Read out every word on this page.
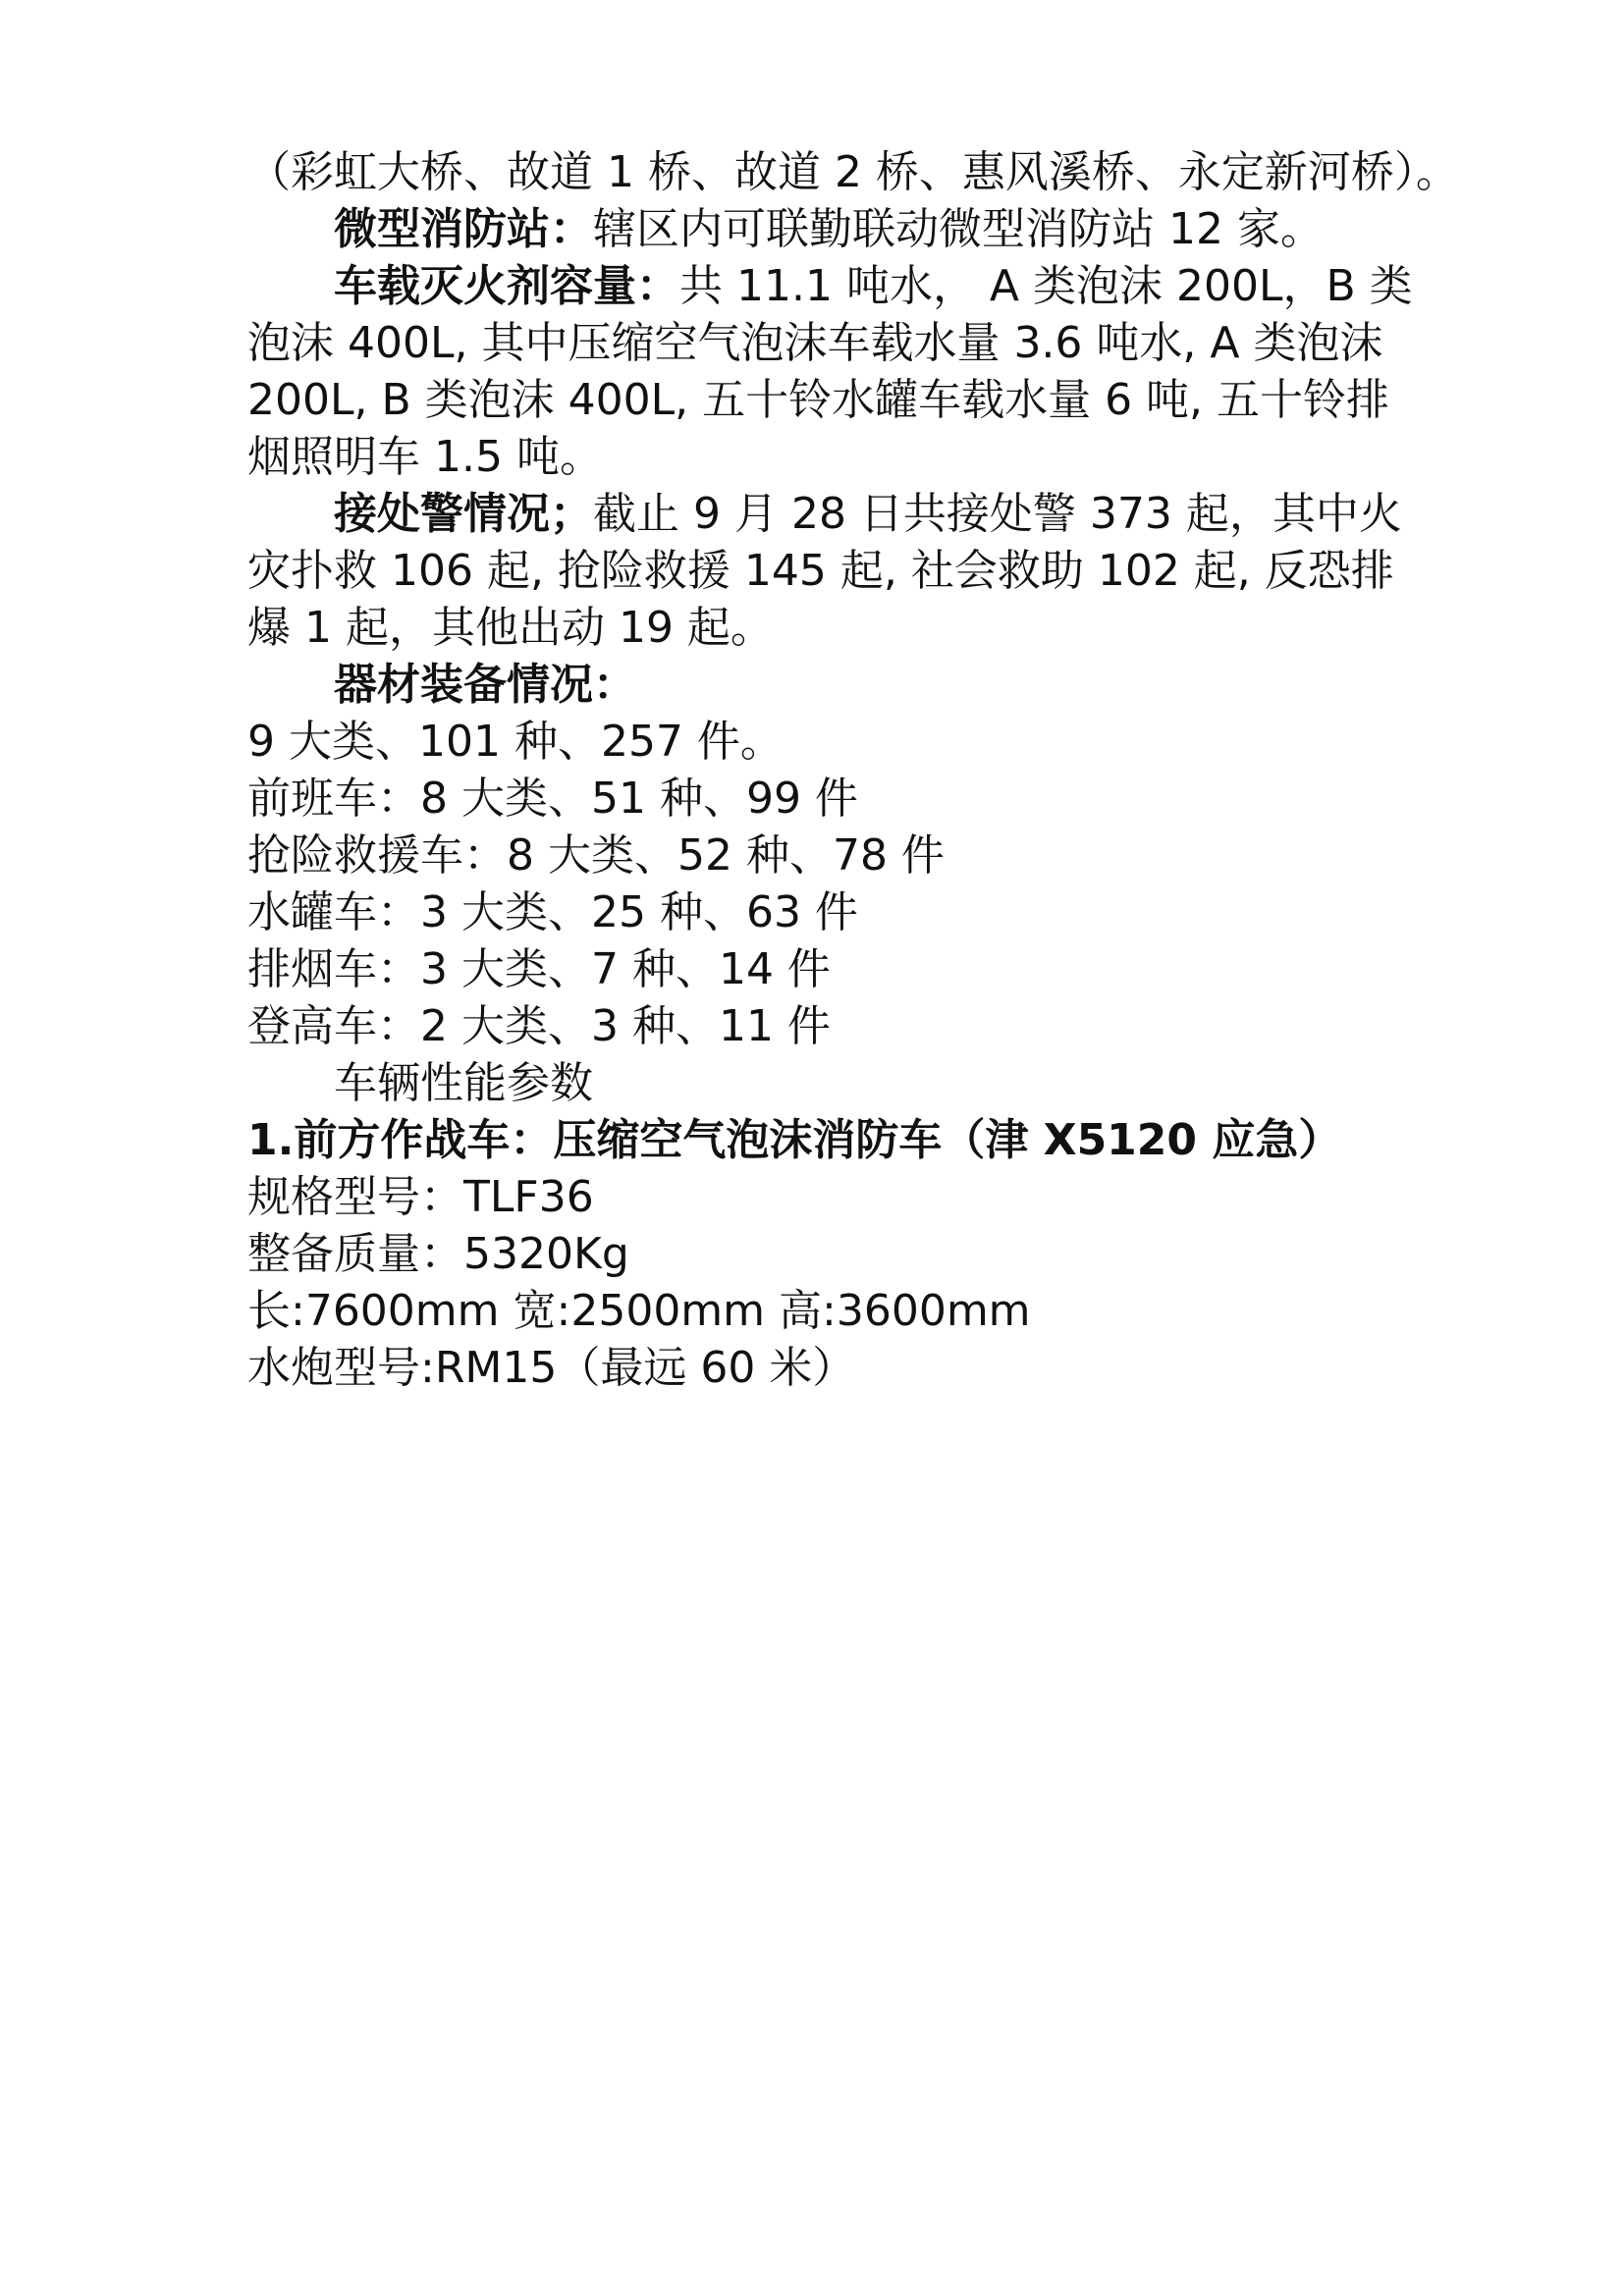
（彩虹大桥、故道 1 桥、故道 2 桥、惠风溪桥、永定新河桥）。
微型消防站：辖区内可联勤联动微型消防站 12 家。
车载灭火剂容量：共 11.1 吨水， A 类泡沫 200L，B 类
泡沫 400L, 其中压缩空气泡沫车载水量 3.6 吨水, A 类泡沫
200L, B 类泡沫 400L, 五十铃水罐车载水量 6 吨, 五十铃排
烟照明车 1.5 吨。
接处警情况；截止 9 月 28 日共接处警 373 起，其中火
灾扑救 106 起, 抢险救援 145 起, 社会救助 102 起, 反恐排
爆 1 起，其他出动 19 起。
器材装备情况：
9 大类、101 种、257 件。
前班车：8 大类、51 种、99 件
抢险救援车：8 大类、52 种、78 件
水罐车：3 大类、25 种、63 件
排烟车：3 大类、7 种、14 件
登高车：2 大类、3 种、11 件
车辆性能参数
1.前方作战车：压缩空气泡沫消防车（津 X5120 应急）
规格型号：TLF36
整备质量：5320Kg
长:7600mm 宽:2500mm 高:3600mm
水炮型号:RM15（最远 60 米）
